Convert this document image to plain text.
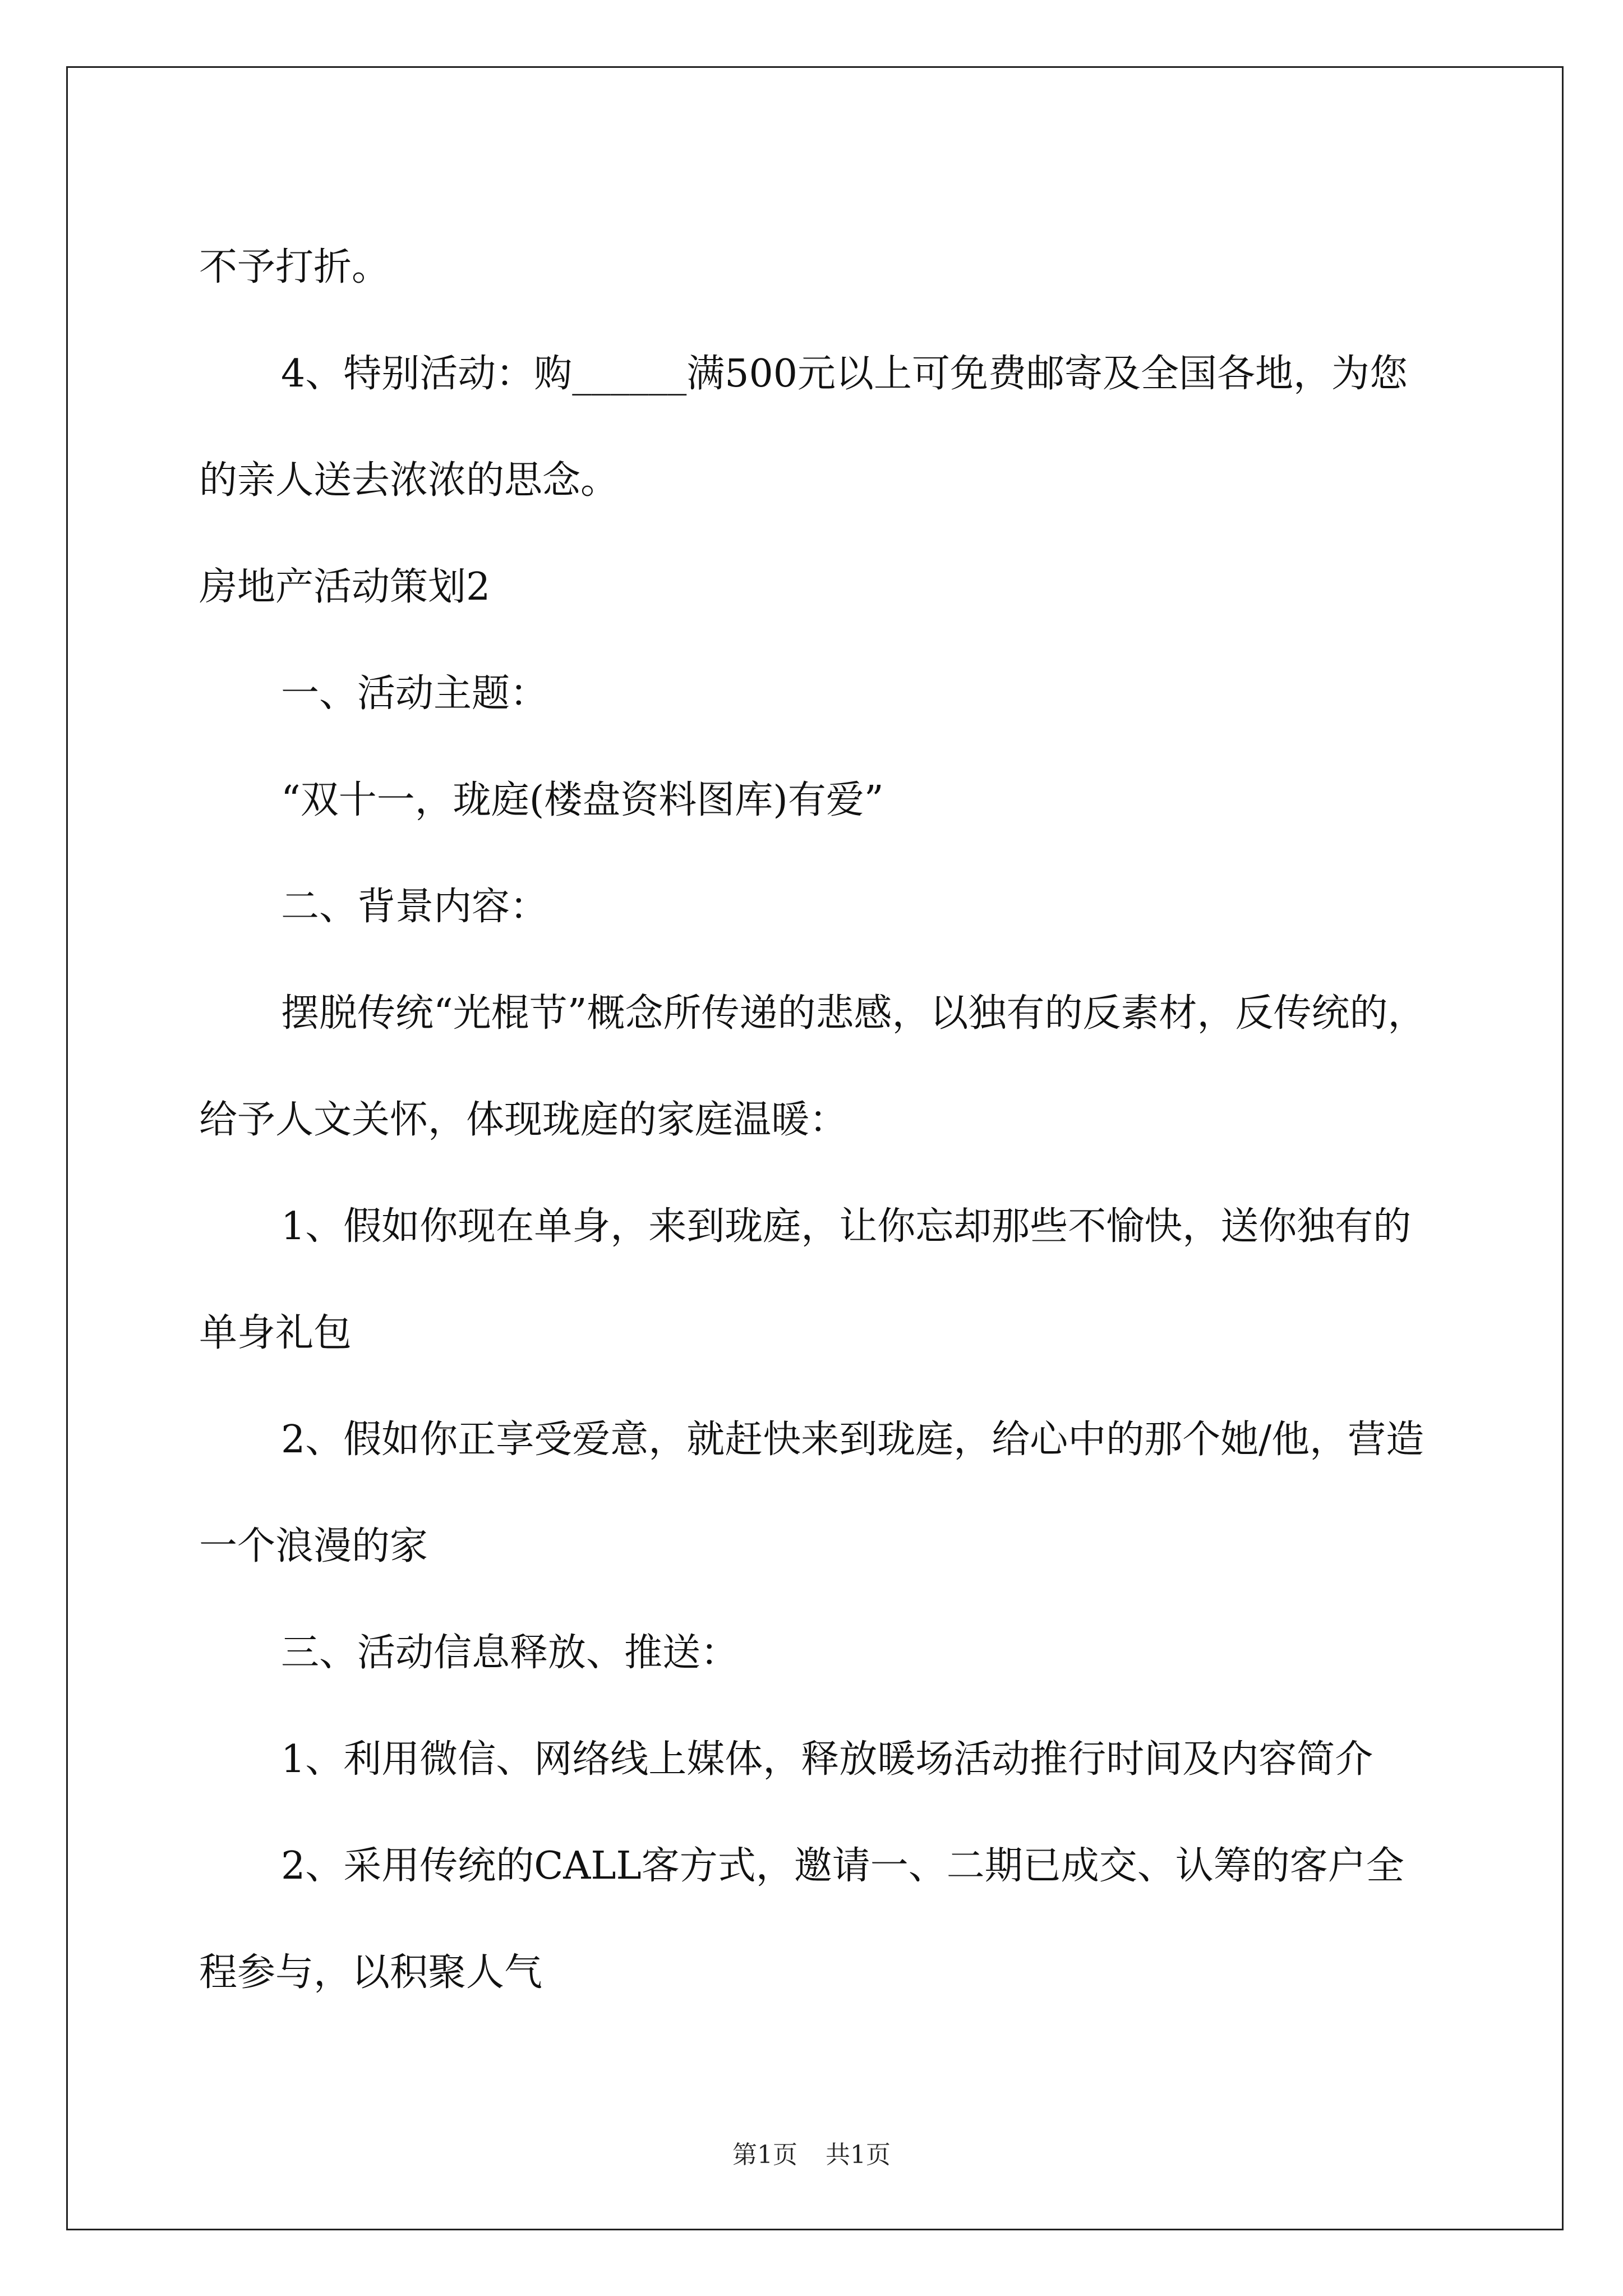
不予打折。

4、特别活动：购______满500元以上可免费邮寄及全国各地，为您的亲人送去浓浓的思念。

房地产活动策划2

一、活动主题：

“双十一，珑庭(楼盘资料图库)有爱”

二、背景内容：

摆脱传统“光棍节”概念所传递的悲感，以独有的反素材，反传统的，给予人文关怀，体现珑庭的家庭温暖：

1、假如你现在单身，来到珑庭，让你忘却那些不愉快，送你独有的单身礼包

2、假如你正享受爱意，就赶快来到珑庭，给心中的那个她/他，营造一个浪漫的家

三、活动信息释放、推送：

1、利用微信、网络线上媒体，释放暖场活动推行时间及内容简介

2、采用传统的CALL客方式，邀请一、二期已成交、认筹的客户全程参与，以积聚人气

第1页 共1页
